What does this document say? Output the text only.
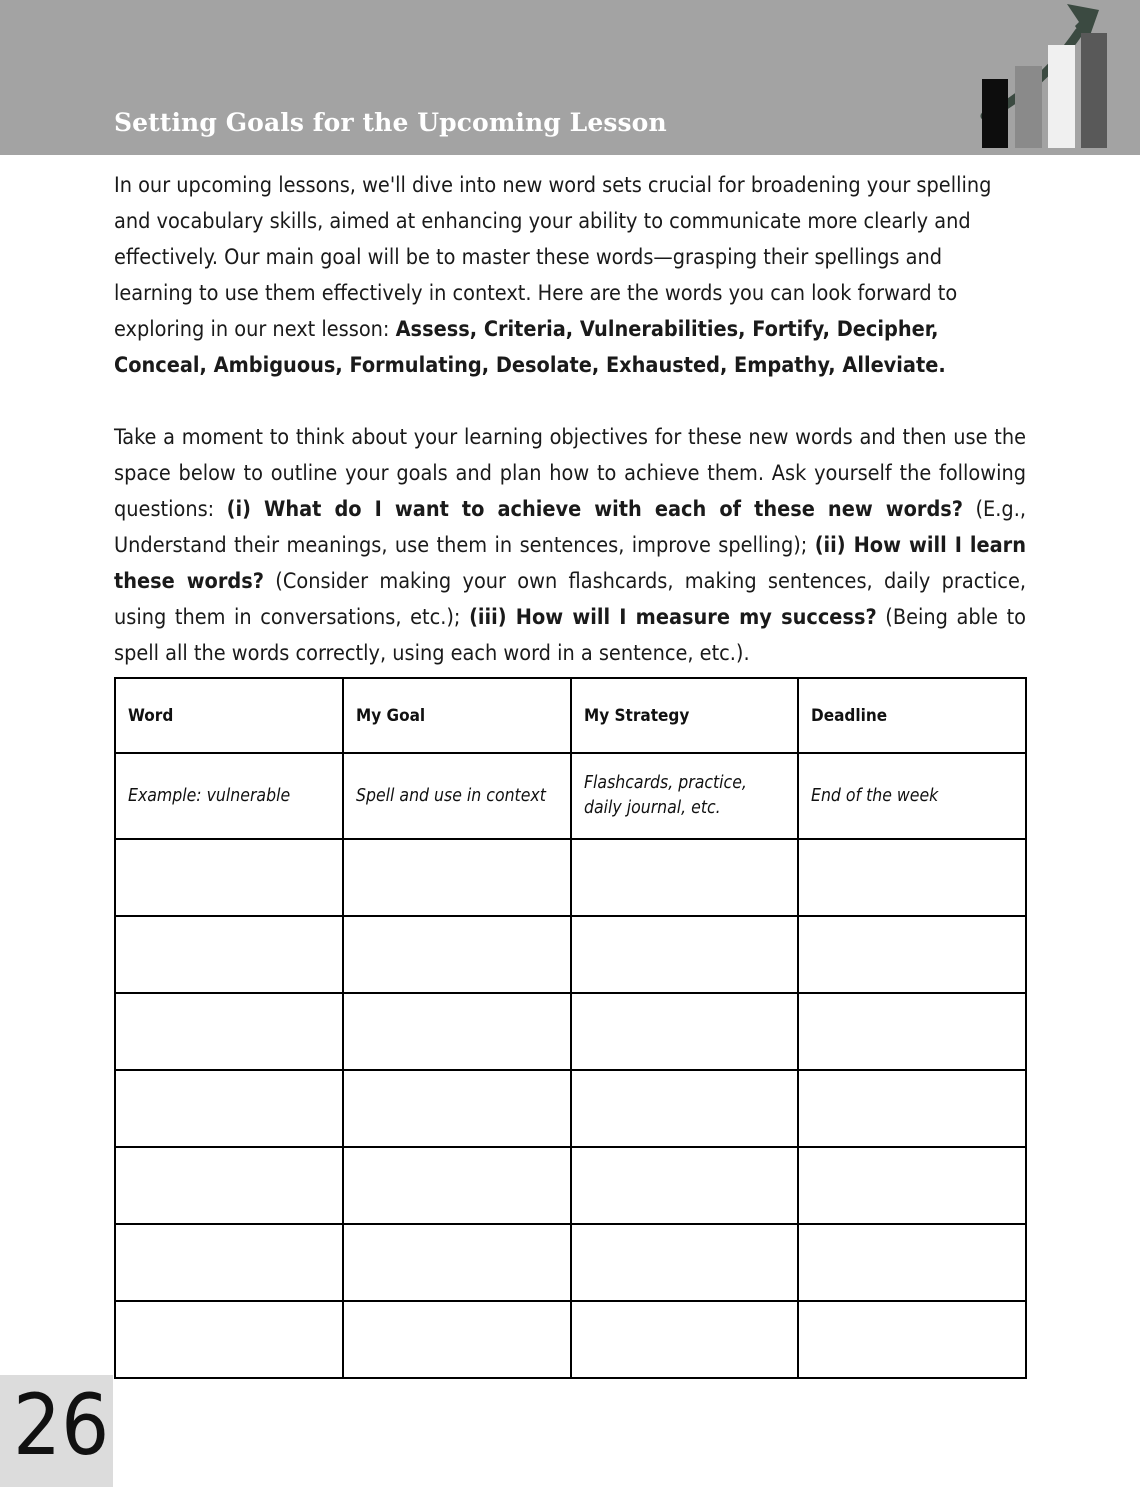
Setting Goals for the Upcoming Lesson

In our upcoming lessons, we'll dive into new word sets crucial for broadening your spelling and vocabulary skills, aimed at enhancing your ability to communicate more clearly and effectively. Our main goal will be to master these words—grasping their spellings and learning to use them effectively in context. Here are the words you can look forward to exploring in our next lesson: Assess, Criteria, Vulnerabilities, Fortify, Decipher, Conceal, Ambiguous, Formulating, Desolate, Exhausted, Empathy, Alleviate.

Take a moment to think about your learning objectives for these new words and then use the space below to outline your goals and plan how to achieve them. Ask yourself the following questions: (i) What do I want to achieve with each of these new words? (E.g., Understand their meanings, use them in sentences, improve spelling); (ii) How will I learn these words? (Consider making your own flashcards, making sentences, daily practice, using them in conversations, etc.); (iii) How will I measure my success? (Being able to spell all the words correctly, using each word in a sentence, etc.).

Word	My Goal	My Strategy	Deadline
Example: vulnerable	Spell and use in context	Flashcards, practice, daily journal, etc.	End of the week

26
